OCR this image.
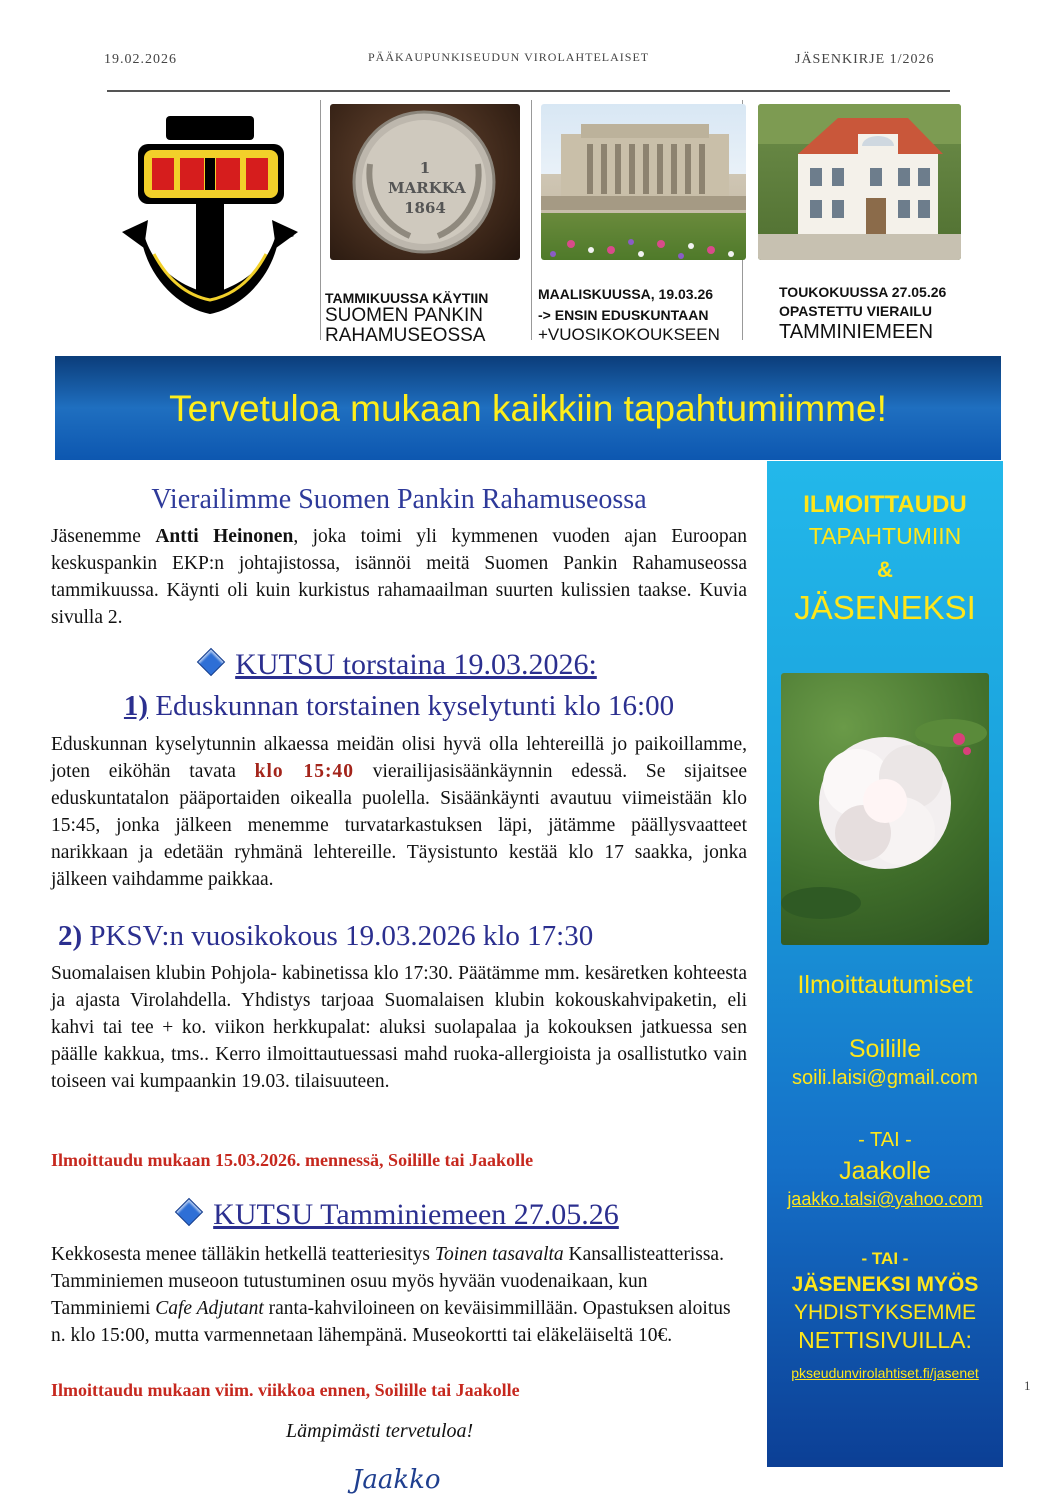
19.02.2026	PÄÄKAUPUNKISEUDUN VIROLAHTELAISET	JÄSENKIRJE 1/2026
1 MARKKA 1864
TAMMIKUUSSA KÄYTIIN
SUOMEN PANKIN
RAHAMUSEOSSA
MAALISKUUSSA, 19.03.26
-> ENSIN EDUSKUNTAAN
+VUOSIKOKOUKSEEN
TOUKOKUUSSA 27.05.26
OPASTETTU VIERAILU
TAMMINIEMEEN
Tervetuloa mukaan kaikkiin tapahtumiimme!
Vierailimme Suomen Pankin Rahamuseossa
Jäsenemme Antti Heinonen, joka toimi yli kymmenen vuoden ajan Euroopan keskuspankin EKP:n johtajistossa, isännöi meitä Suomen Pankin Rahamuseossa tammikuussa. Käynti oli kuin kurkistus rahamaailman suurten kulissien taakse. Kuvia sivulla 2.
KUTSU torstaina 19.03.2026:
1) Eduskunnan torstainen kyselytunti klo 16:00
Eduskunnan kyselytunnin alkaessa meidän olisi hyvä olla lehtereillä jo paikoillamme, joten eiköhän tavata klo 15:40 vierailijasisäänkäynnin edessä. Se sijaitsee eduskuntatalon pääportaiden oikealla puolella. Sisäänkäynti avautuu viimeistään klo 15:45, jonka jälkeen menemme turvatarkastuksen läpi, jätämme päällysvaatteet narikkaan ja edetään ryhmänä lehtereille. Täysistunto kestää klo 17 saakka, jonka jälkeen vaihdamme paikkaa.
2) PKSV:n vuosikokous 19.03.2026 klo 17:30
Suomalaisen klubin Pohjola- kabinetissa klo 17:30. Päätämme mm. kesäretken kohteesta ja ajasta Virolahdella. Yhdistys tarjoaa Suomalaisen klubin kokouskahvipaketin, eli kahvi tai tee + ko. viikon herkkupalat: aluksi suolapalaa ja kokouksen jatkuessa sen päälle kakkua, tms.. Kerro ilmoittautuessasi mahd ruoka-allergioista ja osallistutko vain toiseen vai kumpaankin 19.03. tilaisuuteen.
Ilmoittaudu mukaan 15.03.2026. mennessä, Soilille tai Jaakolle
KUTSU Tamminiemeen 27.05.26
Kekkosesta menee tälläkin hetkellä teatteriesitys Toinen tasavalta Kansallisteatterissa. Tamminiemen museoon tutustuminen osuu myös hyvään vuodenaikaan, kun Tamminiemi Cafe Adjutant ranta-kahviloineen on keväisimmillään. Opastuksen aloitus n. klo 15:00, mutta varmennetaan lähempänä. Museokortti tai eläkeläiseltä 10€.
Ilmoittaudu mukaan viim. viikkoa ennen, Soilille tai Jaakolle
Lämpimästi tervetuloa!
Jaakko
ILMOITTAUDU
TAPAHTUMIIN
&
JÄSENEKSI
Ilmoittautumiset
Soilille
soili.laisi@gmail.com
- TAI -
Jaakolle
jaakko.talsi@yahoo.com
- TAI -
JÄSENEKSI MYÖS
YHDISTYKSEMME
NETTISIVUILLA:
pkseudunvirolahtiset.fi/jasenet
1
